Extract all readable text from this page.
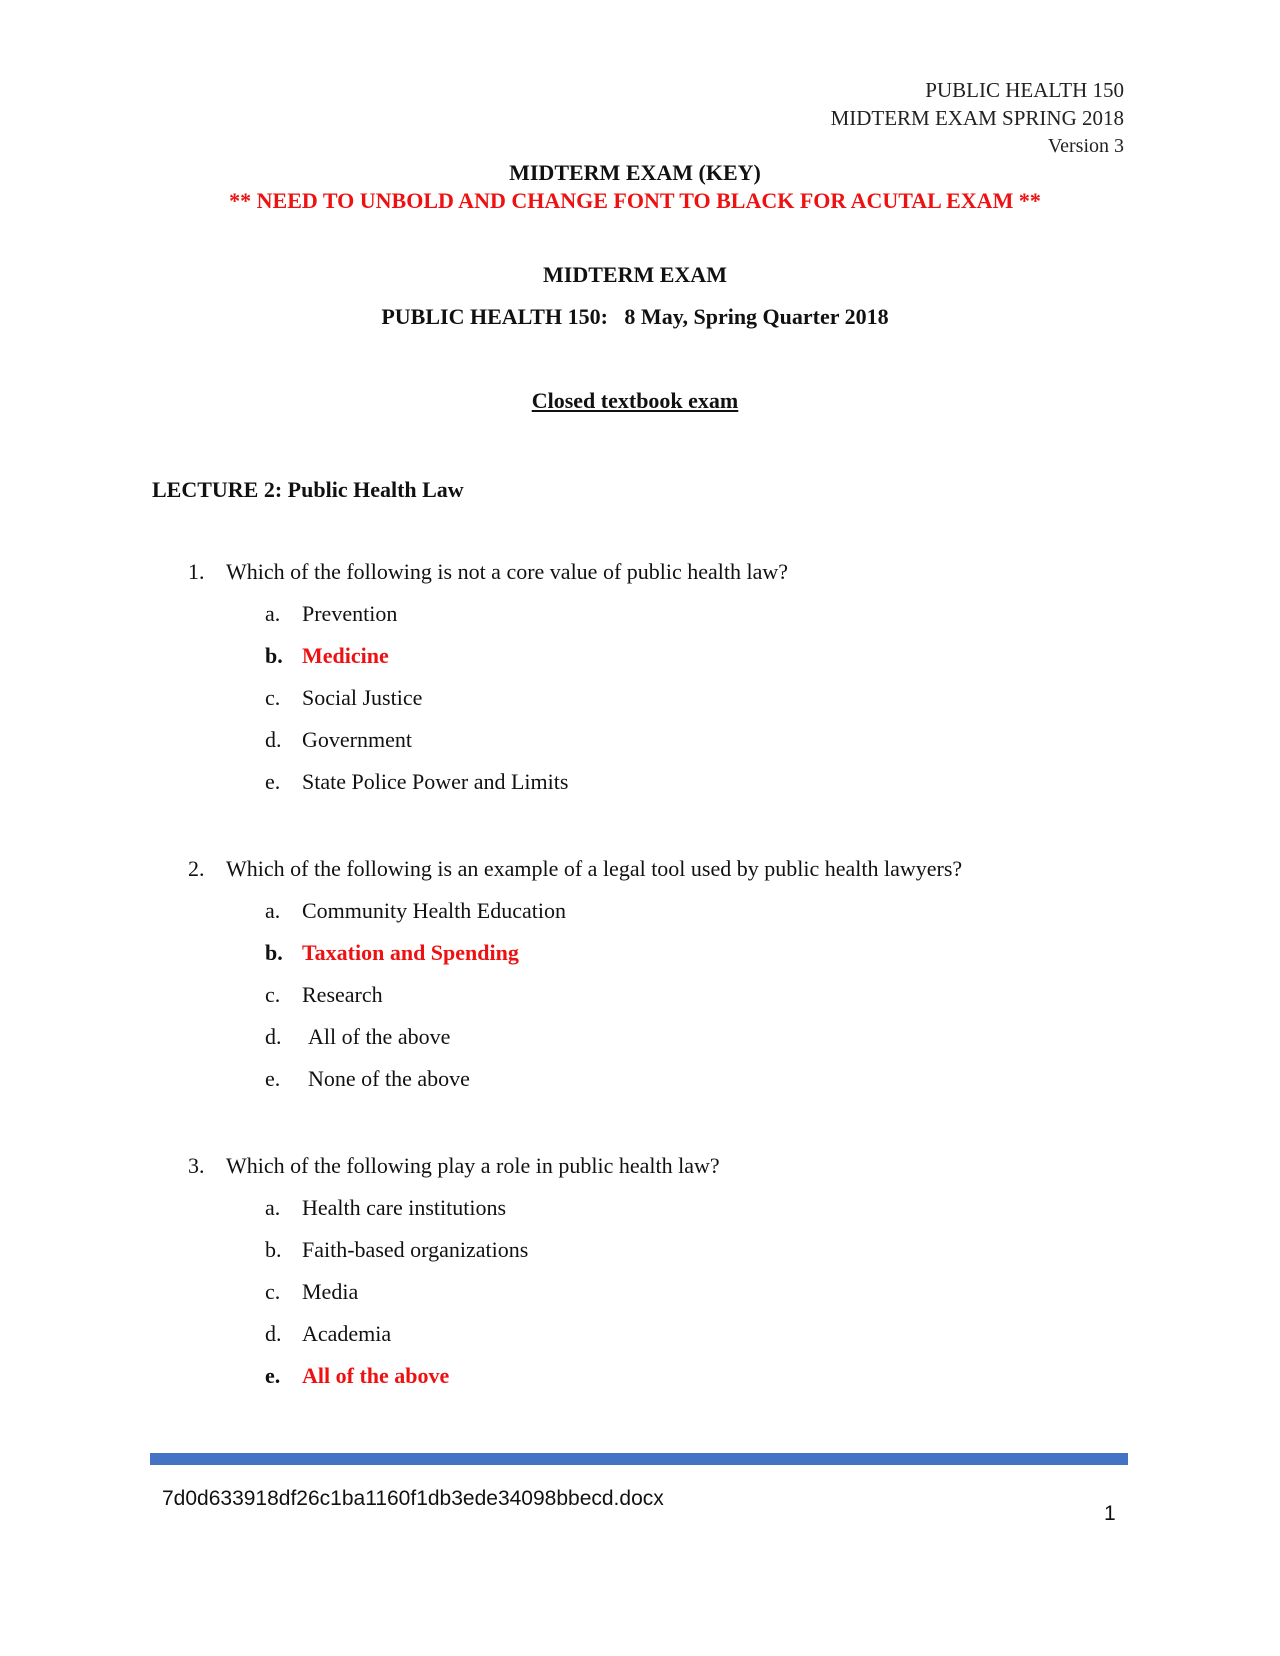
PUBLIC HEALTH 150
MIDTERM EXAM SPRING 2018
Version 3
MIDTERM EXAM (KEY)
** NEED TO UNBOLD AND CHANGE FONT TO BLACK FOR ACUTAL EXAM **
MIDTERM EXAM
PUBLIC HEALTH 150:   8 May, Spring Quarter 2018
Closed textbook exam
LECTURE 2: Public Health Law
1. Which of the following is not a core value of public health law?
a. Prevention
b. Medicine
c. Social Justice
d. Government
e. State Police Power and Limits
2. Which of the following is an example of a legal tool used by public health lawyers?
a. Community Health Education
b. Taxation and Spending
c. Research
d. All of the above
e. None of the above
3. Which of the following play a role in public health law?
a. Health care institutions
b. Faith-based organizations
c. Media
d. Academia
e. All of the above
7d0d633918df26c1ba1160f1db3ede34098bbecd.docx
1
